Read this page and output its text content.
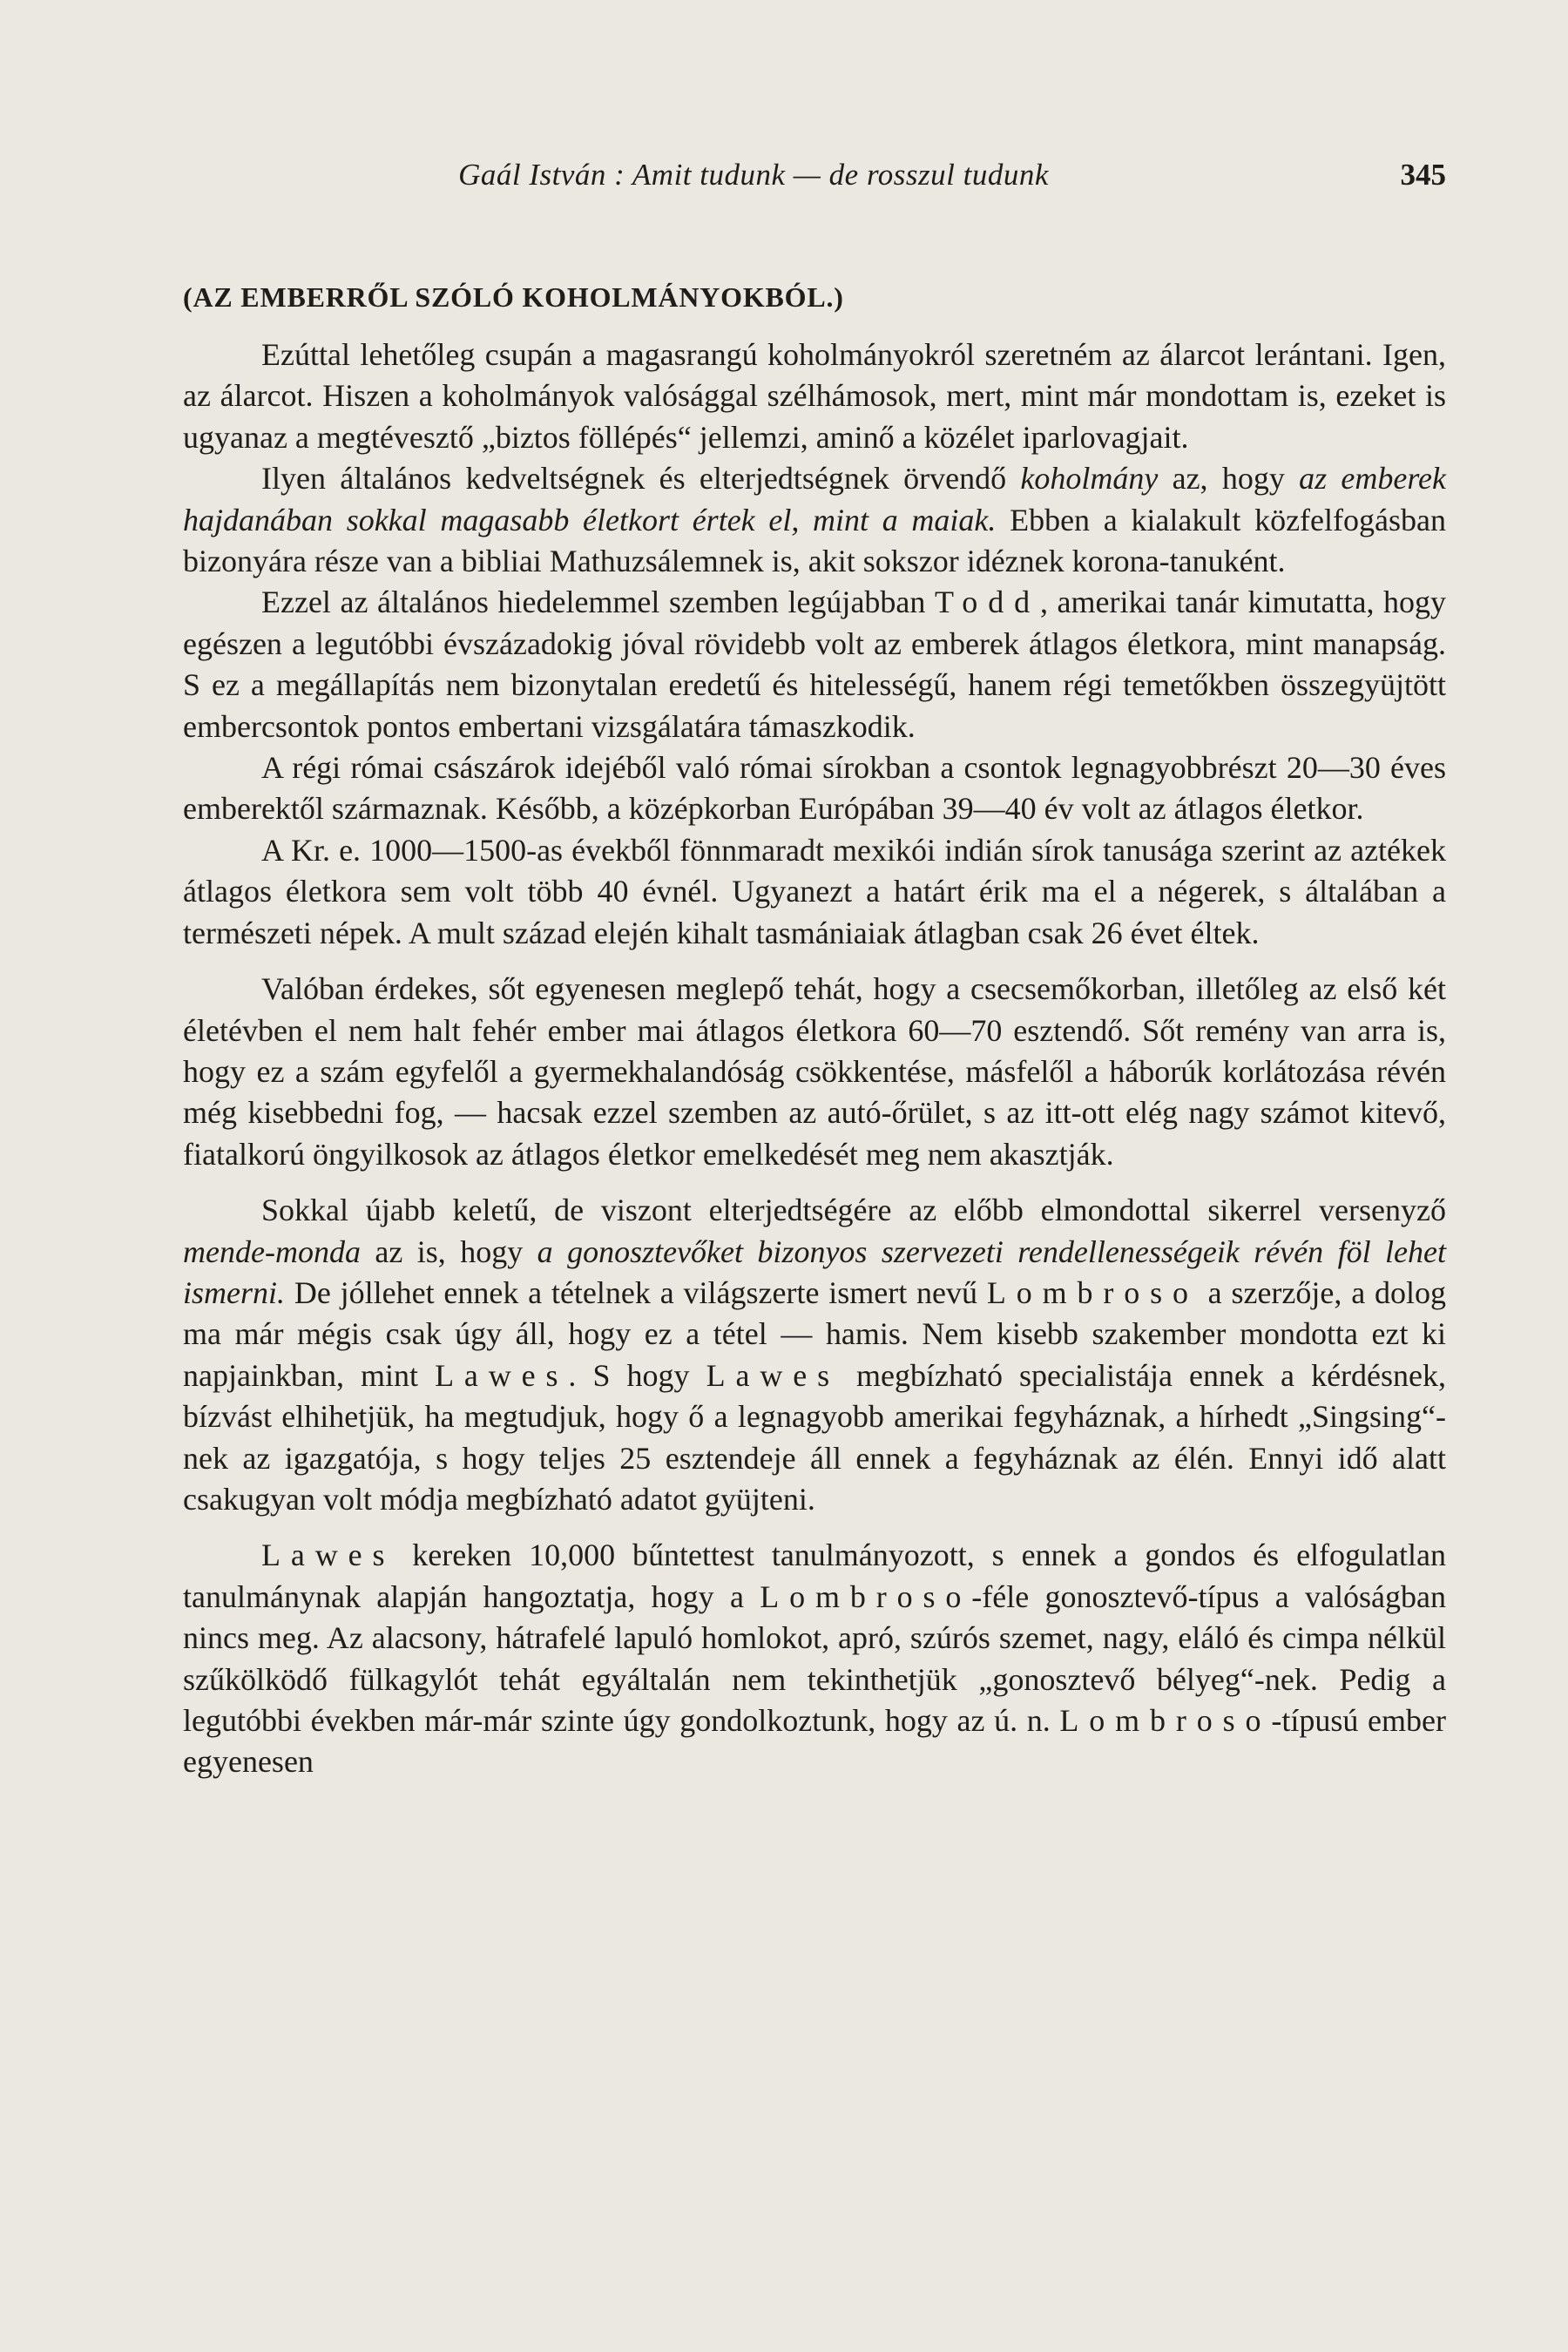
Gaál István : Amit tudunk — de rosszul tudunk	345
(AZ EMBERRŐL SZÓLÓ KOHOLMÁNYOKBÓL.)

Ezúttal lehetőleg csupán a magasrangú koholmányokról szeretném az álarcot lerántani. Igen, az álarcot. Hiszen a koholmányok valósággal szélhámosok, mert, mint már mondottam is, ezeket is ugyanaz a megtévesztő „biztos föllépés“ jellemzi, aminő a közélet iparlovagjait.

Ilyen általános kedveltségnek és elterjedtségnek örvendő koholmány az, hogy az emberek hajdanában sokkal magasabb életkort értek el, mint a maiak. Ebben a kialakult közfelfogásban bizonyára része van a bibliai Mathuzsálemnek is, akit sokszor idéznek korona-tanuként.

Ezzel az általános hiedelemmel szemben legújabban Todd, amerikai tanár kimutatta, hogy egészen a legutóbbi évszázadokig jóval rövidebb volt az emberek átlagos életkora, mint manapság. S ez a megállapítás nem bizonytalan eredetű és hitelességű, hanem régi temetőkben összegyüjtött embercsontok pontos embertani vizsgálatára támaszkodik.

A régi római császárok idejéből való római sírokban a csontok legnagyobbrészt 20—30 éves emberektől származnak. Később, a középkorban Európában 39—40 év volt az átlagos életkor.

A Kr. e. 1000—1500-as évekből fönnmaradt mexikói indián sírok tanusága szerint az aztékek átlagos életkora sem volt több 40 évnél. Ugyanezt a határt érik ma el a négerek, s általában a természeti népek. A mult század elején kihalt tasmániaiak átlagban csak 26 évet éltek.

Valóban érdekes, sőt egyenesen meglepő tehát, hogy a csecsemőkorban, illetőleg az első két életévben el nem halt fehér ember mai átlagos életkora 60—70 esztendő. Sőt remény van arra is, hogy ez a szám egyfelől a gyermekhalandóság csökkentése, másfelől a háborúk korlátozása révén még kisebbedni fog, — hacsak ezzel szemben az autó-őrület, s az itt-ott elég nagy számot kitevő, fiatalkorú öngyilkosok az átlagos életkor emelkedését meg nem akasztják.

Sokkal újabb keletű, de viszont elterjedtségére az előbb elmondottal sikerrel versenyző mende-monda az is, hogy a gonosztevőket bizonyos szervezeti rendellenességeik révén föl lehet ismerni. De jóllehet ennek a tételnek a világszerte ismert nevű Lombroso a szerzője, a dolog ma már mégis csak úgy áll, hogy ez a tétel — hamis. Nem kisebb szakember mondotta ezt ki napjainkban, mint Lawes. S hogy Lawes megbízható specialistája ennek a kérdésnek, bízvást elhihetjük, ha megtudjuk, hogy ő a legnagyobb amerikai fegyháznak, a hírhedt „Singsing“-nek az igazgatója, s hogy teljes 25 esztendeje áll ennek a fegyháznak az élén. Ennyi idő alatt csakugyan volt módja megbízható adatot gyüjteni.

Lawes kereken 10,000 bűntettest tanulmányozott, s ennek a gondos és elfogulatlan tanulmánynak alapján hangoztatja, hogy a Lombroso-féle gonosztevő-típus a valóságban nincs meg. Az alacsony, hátrafelé lapuló homlokot, apró, szúrós szemet, nagy, eláló és cimpa nélkül szűkölködő fülkagylót tehát egyáltalán nem tekinthetjük „gonosztevő bélyeg“-nek. Pedig a legutóbbi években már-már szinte úgy gondolkoztunk, hogy az ú. n. Lombroso-típusú ember egyenesen
